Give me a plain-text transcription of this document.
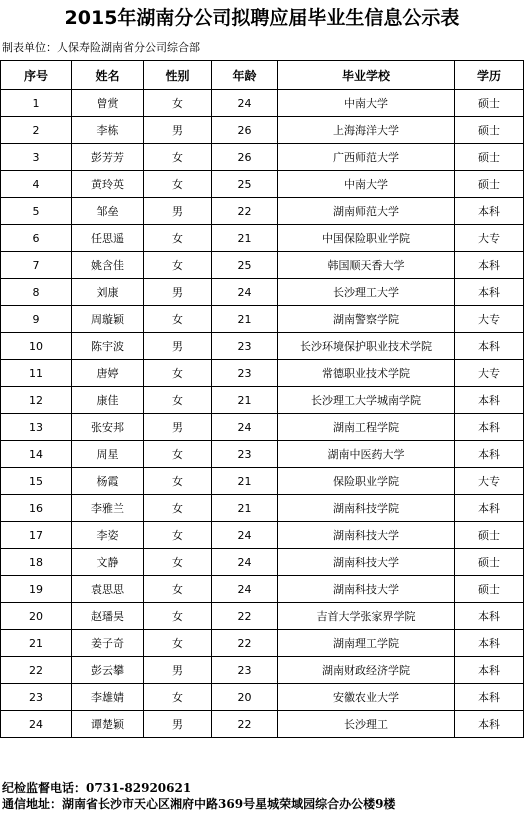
2015年湖南分公司拟聘应届毕业生信息公示表
制表单位：人保寿险湖南省分公司综合部
序号	姓名	性别	年龄	毕业学校	学历
1	曾赏	女	24	中南大学	硕士
2	李栋	男	26	上海海洋大学	硕士
3	彭芳芳	女	26	广西师范大学	硕士
4	黄玲英	女	25	中南大学	硕士
5	邹垒	男	22	湖南师范大学	本科
6	任思遥	女	21	中国保险职业学院	大专
7	姚含佳	女	25	韩国顺天香大学	本科
8	刘康	男	24	长沙理工大学	本科
9	周璇颖	女	21	湖南警察学院	大专
10	陈宇波	男	23	长沙环境保护职业技术学院	本科
11	唐婷	女	23	常德职业技术学院	大专
12	康佳	女	21	长沙理工大学城南学院	本科
13	张安邦	男	24	湖南工程学院	本科
14	周星	女	23	湖南中医药大学	本科
15	杨霞	女	21	保险职业学院	大专
16	李雅兰	女	21	湖南科技学院	本科
17	李姿	女	24	湖南科技大学	硕士
18	文静	女	24	湖南科技大学	硕士
19	袁思思	女	24	湖南科技大学	硕士
20	赵璠昊	女	22	吉首大学张家界学院	本科
21	姜子奇	女	22	湖南理工学院	本科
22	彭云攀	男	23	湖南财政经济学院	本科
23	李雄婧	女	20	安徽农业大学	本科
24	谭楚颖	男	22	长沙理工	本科
纪检监督电话：0731-82920621
通信地址：湖南省长沙市天心区湘府中路369号星城荣域园综合办公楼9楼
